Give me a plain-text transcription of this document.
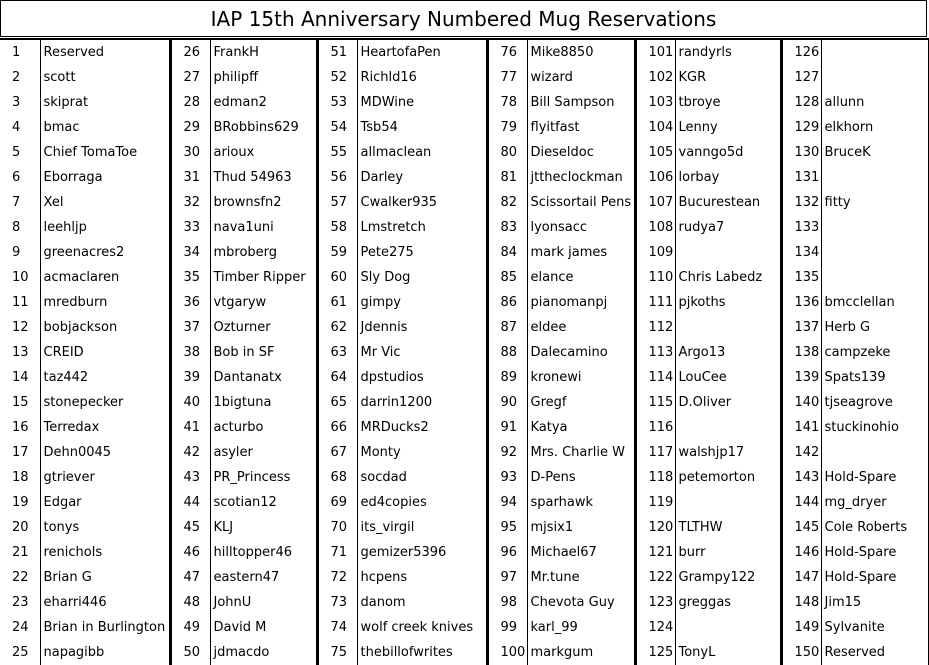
IAP 15th Anniversary Numbered Mug Reservations
1	Reserved	26	FrankH	51	HeartofaPen	76	Mike8850	101	randyrls	126	
2	scott	27	philipff	52	Richld16	77	wizard	102	KGR	127	
3	skiprat	28	edman2	53	MDWine	78	Bill Sampson	103	tbroye	128	allunn
4	bmac	29	BRobbins629	54	Tsb54	79	flyitfast	104	Lenny	129	elkhorn
5	Chief TomaToe	30	arioux	55	allmaclean	80	Dieseldoc	105	vanngo5d	130	BruceK
6	Eborraga	31	Thud 54963	56	Darley	81	jttheclockman	106	lorbay	131	
7	Xel	32	brownsfn2	57	Cwalker935	82	Scissortail Pens	107	Bucurestean	132	fitty
8	leehljp	33	nava1uni	58	Lmstretch	83	lyonsacc	108	rudya7	133	
9	greenacres2	34	mbroberg	59	Pete275	84	mark james	109		134	
10	acmaclaren	35	Timber Ripper	60	Sly Dog	85	elance	110	Chris Labedz	135	
11	mredburn	36	vtgaryw	61	gimpy	86	pianomanpj	111	pjkoths	136	bmcclellan
12	bobjackson	37	Ozturner	62	Jdennis	87	eldee	112		137	Herb G
13	CREID	38	Bob in SF	63	Mr Vic	88	Dalecamino	113	Argo13	138	campzeke
14	taz442	39	Dantanatx	64	dpstudios	89	kronewi	114	LouCee	139	Spats139
15	stonepecker	40	1bigtuna	65	darrin1200	90	Gregf	115	D.Oliver	140	tjseagrove
16	Terredax	41	acturbo	66	MRDucks2	91	Katya	116		141	stuckinohio
17	Dehn0045	42	asyler	67	Monty	92	Mrs. Charlie W	117	walshjp17	142	
18	gtriever	43	PR_Princess	68	socdad	93	D-Pens	118	petemorton	143	Hold-Spare
19	Edgar	44	scotian12	69	ed4copies	94	sparhawk	119		144	mg_dryer
20	tonys	45	KLJ	70	its_virgil	95	mjsix1	120	TLTHW	145	Cole Roberts
21	renichols	46	hilltopper46	71	gemizer5396	96	Michael67	121	burr	146	Hold-Spare
22	Brian G	47	eastern47	72	hcpens	97	Mr.tune	122	Grampy122	147	Hold-Spare
23	eharri446	48	JohnU	73	danom	98	Chevota Guy	123	greggas	148	Jim15
24	Brian in Burlington	49	David M	74	wolf creek knives	99	karl_99	124		149	Sylvanite
25	napagibb	50	jdmacdo	75	thebillofwrites	100	markgum	125	TonyL	150	Reserved
